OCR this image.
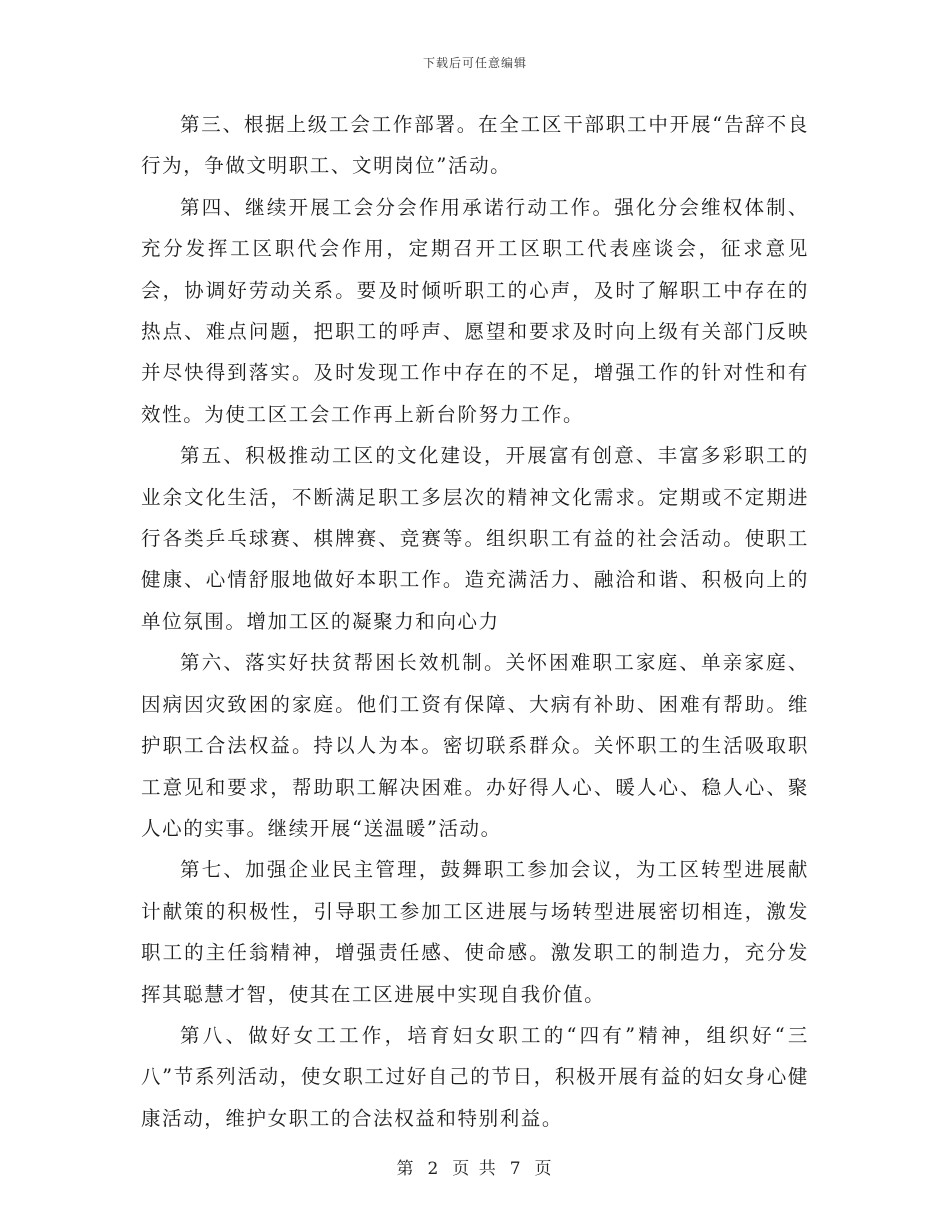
下载后可任意编辑

第三、根据上级工会工作部署。在全工区干部职工中开展“告辞不良行为，争做文明职工、文明岗位”活动。

第四、继续开展工会分会作用承诺行动工作。强化分会维权体制、充分发挥工区职代会作用，定期召开工区职工代表座谈会，征求意见会，协调好劳动关系。要及时倾听职工的心声，及时了解职工中存在的热点、难点问题，把职工的呼声、愿望和要求及时向上级有关部门反映并尽快得到落实。及时发现工作中存在的不足，增强工作的针对性和有效性。为使工区工会工作再上新台阶努力工作。

第五、积极推动工区的文化建设，开展富有创意、丰富多彩职工的业余文化生活，不断满足职工多层次的精神文化需求。定期或不定期进行各类乒乓球赛、棋牌赛、竞赛等。组织职工有益的社会活动。使职工健康、心情舒服地做好本职工作。造充满活力、融洽和谐、积极向上的单位氛围。增加工区的凝聚力和向心力

第六、落实好扶贫帮困长效机制。关怀困难职工家庭、单亲家庭、因病因灾致困的家庭。他们工资有保障、大病有补助、困难有帮助。维护职工合法权益。持以人为本。密切联系群众。关怀职工的生活吸取职工意见和要求，帮助职工解决困难。办好得人心、暖人心、稳人心、聚人心的实事。继续开展“送温暖”活动。

第七、加强企业民主管理，鼓舞职工参加会议，为工区转型进展献计献策的积极性，引导职工参加工区进展与场转型进展密切相连，激发职工的主任翁精神，增强责任感、使命感。激发职工的制造力，充分发挥其聪慧才智，使其在工区进展中实现自我价值。

第八、做好女工工作，培育妇女职工的“四有”精神，组织好“三八”节系列活动，使女职工过好自己的节日，积极开展有益的妇女身心健康活动，维护女职工的合法权益和特别利益。

第 2 页 共 7 页
